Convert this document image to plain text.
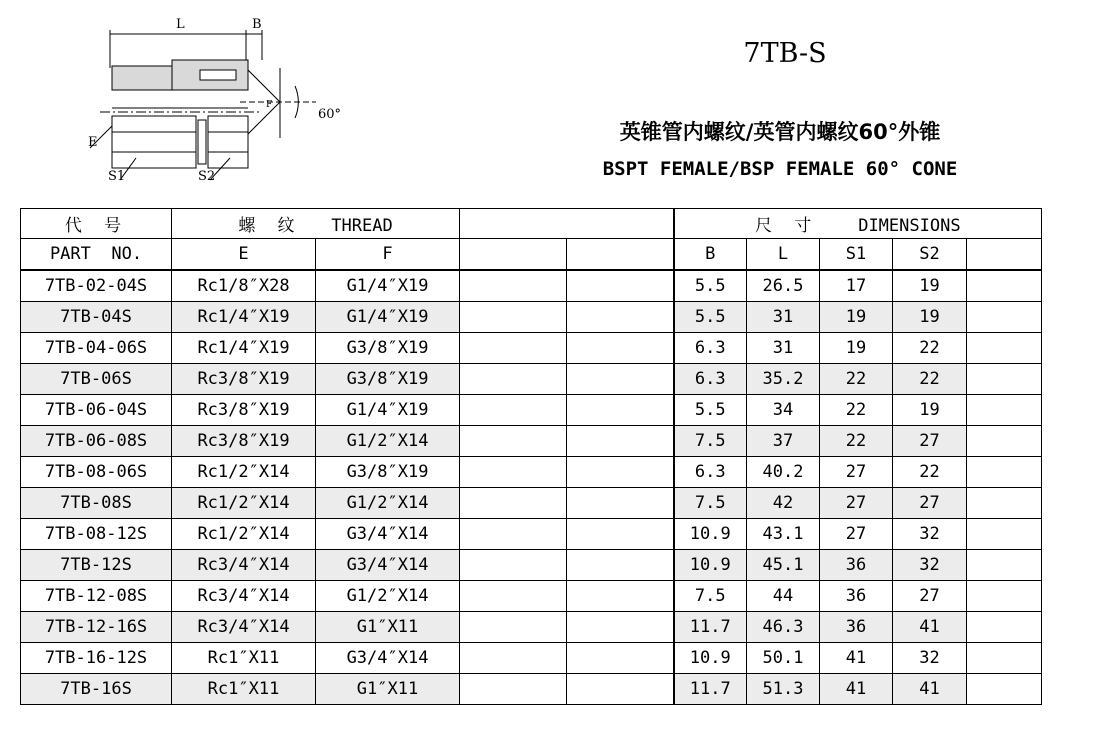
L	B
E
F
S1	S2
60°
7TB-S
英锥管内螺纹/英管内螺纹60°外锥
BSPT FEMALE/BSP FEMALE 60° CONE
代 号	螺 纹 THREAD				尺 寸 DIMENSIONS				
PART  NO.	E	F			B	L	S1	S2	
7TB-02-04S	Rc1/8″X28	G1/4″X19			5.5	26.5	17	19	
7TB-04S	Rc1/4″X19	G1/4″X19			5.5	31	19	19	
7TB-04-06S	Rc1/4″X19	G3/8″X19			6.3	31	19	22	
7TB-06S	Rc3/8″X19	G3/8″X19			6.3	35.2	22	22	
7TB-06-04S	Rc3/8″X19	G1/4″X19			5.5	34	22	19	
7TB-06-08S	Rc3/8″X19	G1/2″X14			7.5	37	22	27	
7TB-08-06S	Rc1/2″X14	G3/8″X19			6.3	40.2	27	22	
7TB-08S	Rc1/2″X14	G1/2″X14			7.5	42	27	27	
7TB-08-12S	Rc1/2″X14	G3/4″X14			10.9	43.1	27	32	
7TB-12S	Rc3/4″X14	G3/4″X14			10.9	45.1	36	32	
7TB-12-08S	Rc3/4″X14	G1/2″X14			7.5	44	36	27	
7TB-12-16S	Rc3/4″X14	G1″X11			11.7	46.3	36	41	
7TB-16-12S	Rc1″X11	G3/4″X14			10.9	50.1	41	32	
7TB-16S	Rc1″X11	G1″X11			11.7	51.3	41	41	
